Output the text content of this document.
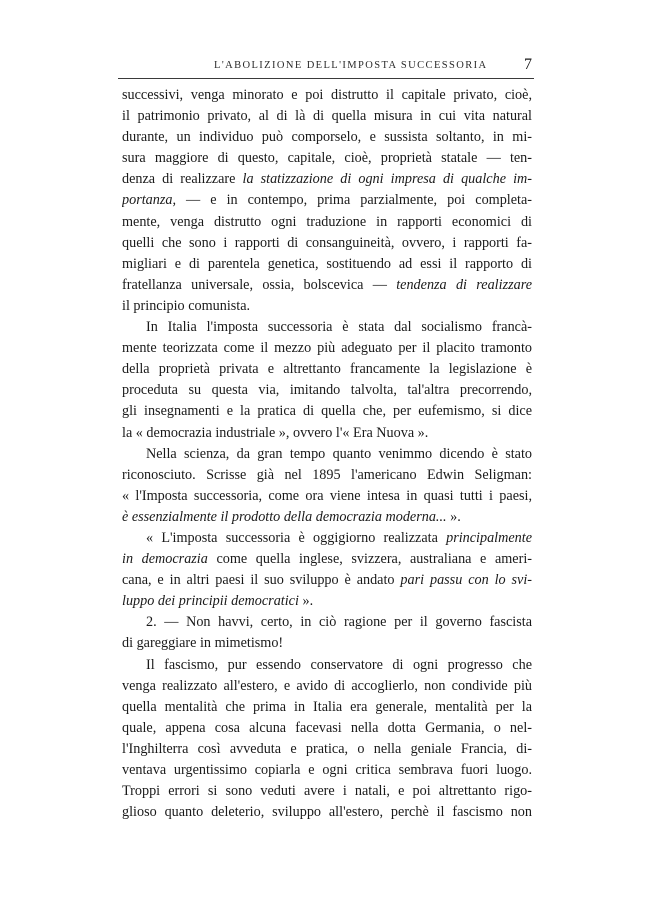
L'ABOLIZIONE DELL'IMPOSTA SUCCESSORIA 7
successivi, venga minorato e poi distrutto il capitale privato, cioè,
il patrimonio privato, al di là di quella misura in cui vita natural
durante, un individuo può comporselo, e sussista soltanto, in mi-
sura maggiore di questo, capitale, cioè, proprietà statale — ten-
denza di realizzare la statizzazione di ogni impresa di qualche im-
portanza, — e in contempo, prima parzialmente, poi completa-
mente, venga distrutto ogni traduzione in rapporti economici di
quelli che sono i rapporti di consanguineità, ovvero, i rapporti fa-
migliari e di parentela genetica, sostituendo ad essi il rapporto di
fratellanza universale, ossia, bolscevica — tendenza di realizzare
il principio comunista.
In Italia l'imposta successoria è stata dal socialismo francà-
mente teorizzata come il mezzo più adeguato per il placito tramonto
della proprietà privata e altrettanto francamente la legislazione è
proceduta su questa via, imitando talvolta, tal'altra precorrendo,
gli insegnamenti e la pratica di quella che, per eufemismo, si dice
la « democrazia industriale », ovvero l'« Era Nuova ».
Nella scienza, da gran tempo quanto venimmo dicendo è stato
riconosciuto. Scrisse già nel 1895 l'americano Edwin Seligman:
« l'Imposta successoria, come ora viene intesa in quasi tutti i paesi,
è essenzialmente il prodotto della democrazia moderna... ».
« L'imposta successoria è oggigiorno realizzata principalmente
in democrazia come quella inglese, svizzera, australiana e ameri-
cana, e in altri paesi il suo sviluppo è andato pari passu con lo svi-
luppo dei principii democratici ».
2. — Non havvi, certo, in ciò ragione per il governo fascista
di gareggiare in mimetismo!
Il fascismo, pur essendo conservatore di ogni progresso che
venga realizzato all'estero, e avido di accoglierlo, non condivide più
quella mentalità che prima in Italia era generale, mentalità per la
quale, appena cosa alcuna facevasi nella dotta Germania, o nel-
l'Inghilterra così avveduta e pratica, o nella geniale Francia, di-
ventava urgentissimo copiarla e ogni critica sembrava fuori luogo.
Troppi errori si sono veduti avere i natali, e poi altrettanto rigo-
glioso quanto deleterio, sviluppo all'estero, perchè il fascismo non
